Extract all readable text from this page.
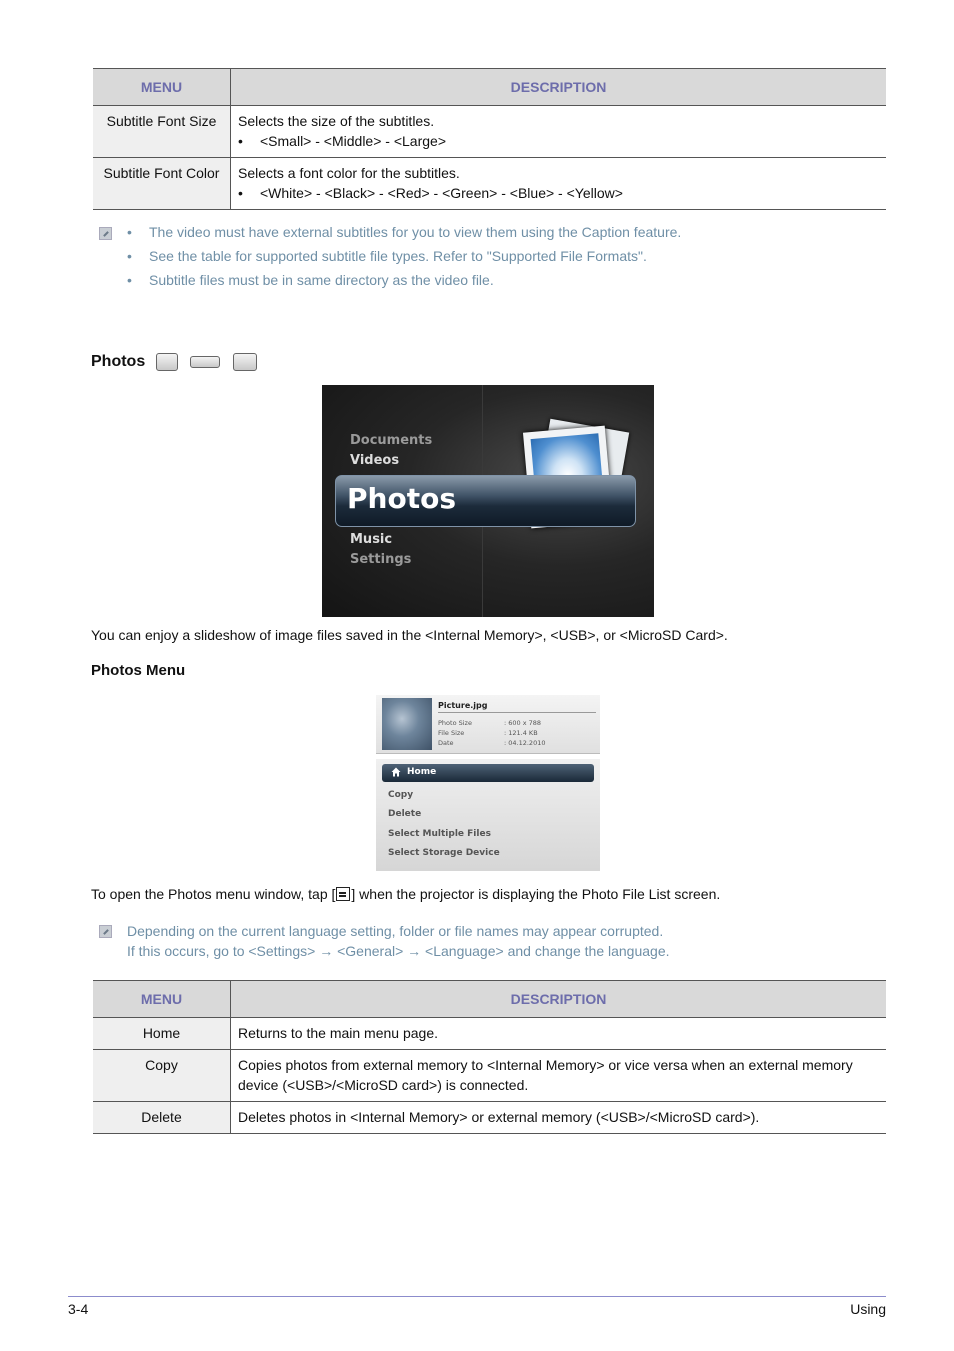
MENU	DESCRIPTION
Subtitle Font Size	Selects the size of the subtitles.
• <Small> - <Middle> - <Large>

Subtitle Font Color	Selects a font color for the subtitles.
• <White> - <Black> - <Red> - <Green> - <Blue> - <Yellow>
• The video must have external subtitles for you to view them using the Caption feature.
• See the table for supported subtitle file types. Refer to "Supported File Formats".
• Subtitle files must be in same directory as the video file.
Photos
Documents
Videos
Photos
Music
Settings
You can enjoy a slideshow of image files saved in the <Internal Memory>, <USB>, or <MicroSD Card>.
Photos Menu
Picture.jpg
Photo Size	: 600 x 788
File Size	: 121.4 KB
Date	: 04.12.2010
Home
Copy
Delete
Select Multiple Files
Select Storage Device
To open the Photos menu window, tap [ ] when the projector is displaying the Photo File List screen.
Depending on the current language setting, folder or file names may appear corrupted.
If this occurs, go to <Settings> → <General> → <Language> and change the language.
MENU	DESCRIPTION
Home	Returns to the main menu page.
Copy	Copies photos from external memory to <Internal Memory> or vice versa when an external memory device (<USB>/<MicroSD card>) is connected.
Delete	Deletes photos in <Internal Memory> or external memory (<USB>/<MicroSD card>).
3-4	Using
